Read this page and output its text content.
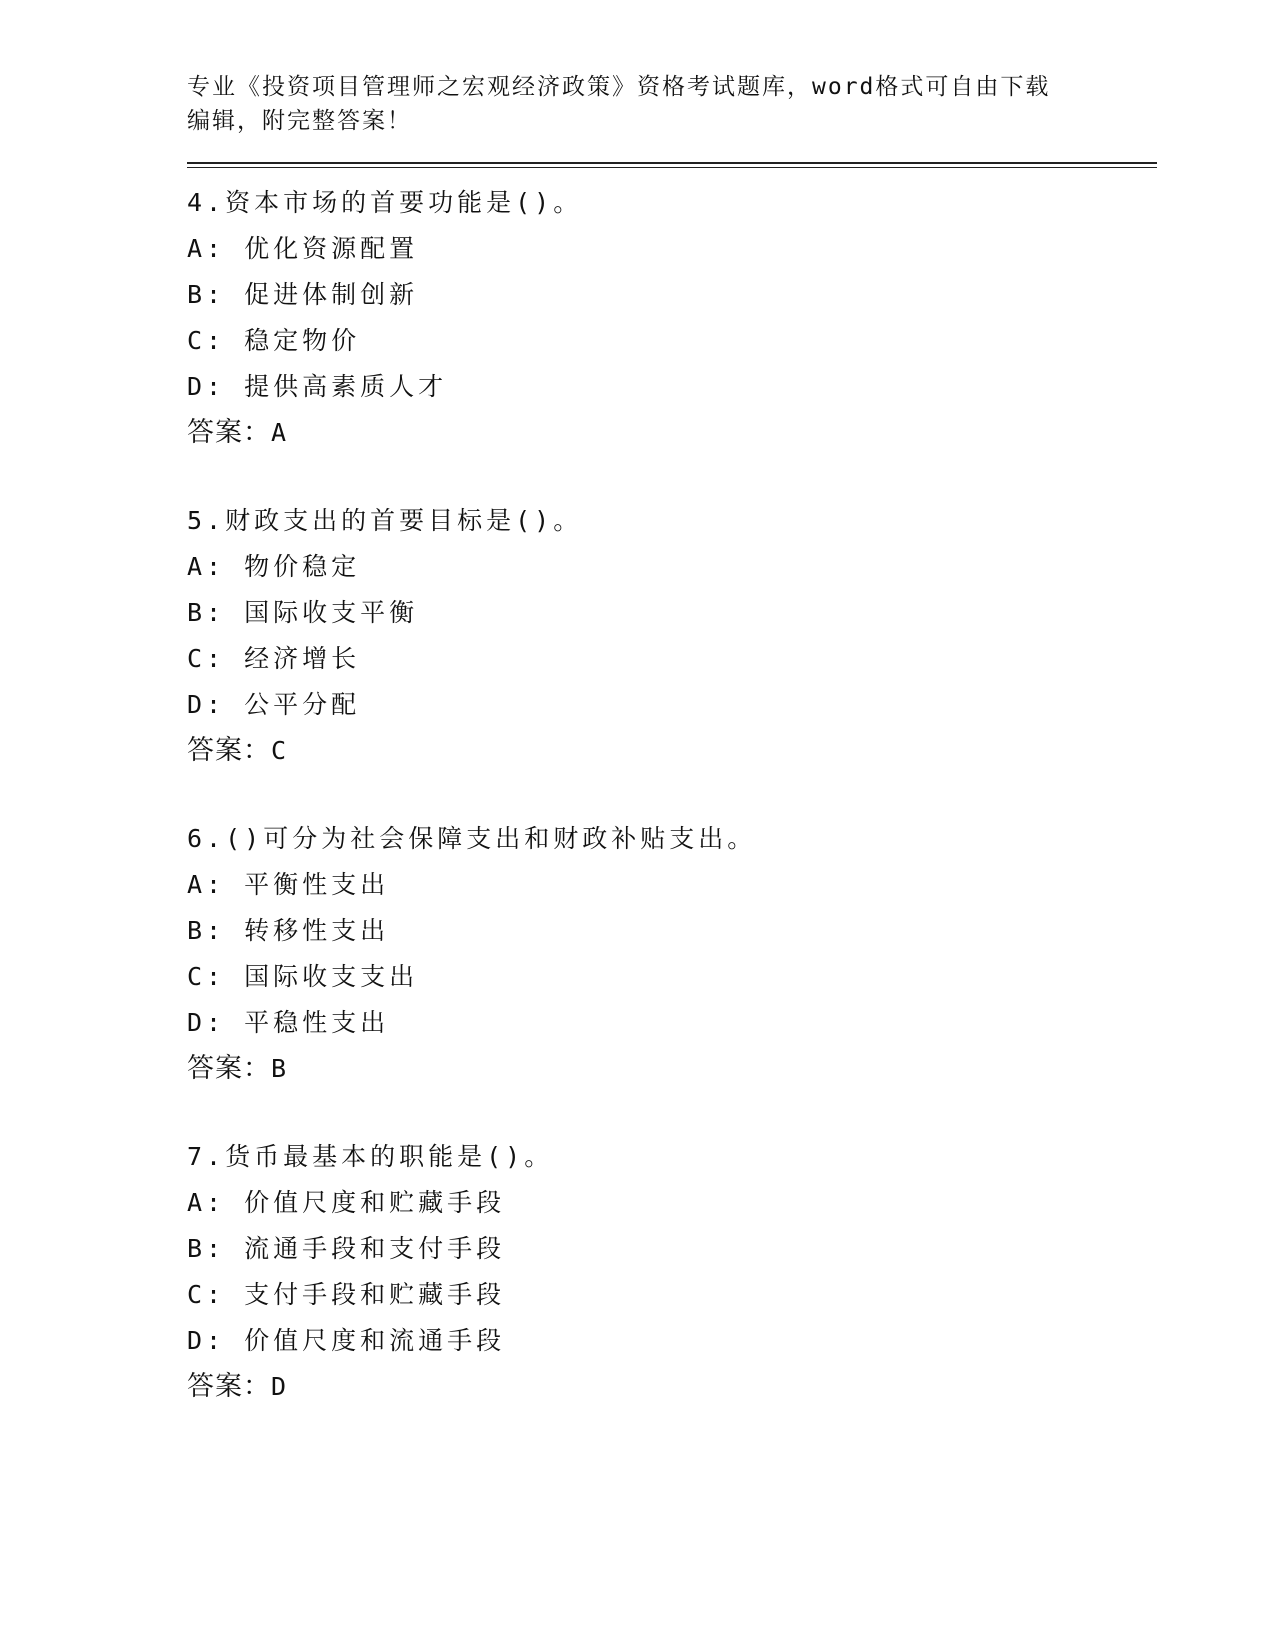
专业《投资项目管理师之宏观经济政策》资格考试题库，word格式可自由下载编辑，附完整答案！

4.资本市场的首要功能是()。
A: 优化资源配置
B: 促进体制创新
C: 稳定物价
D: 提供高素质人才
答案：A
5.财政支出的首要目标是()。
A: 物价稳定
B: 国际收支平衡
C: 经济增长
D: 公平分配
答案：C
6.()可分为社会保障支出和财政补贴支出。
A: 平衡性支出
B: 转移性支出
C: 国际收支支出
D: 平稳性支出
答案：B
7.货币最基本的职能是()。
A: 价值尺度和贮藏手段
B: 流通手段和支付手段
C: 支付手段和贮藏手段
D: 价值尺度和流通手段
答案：D
